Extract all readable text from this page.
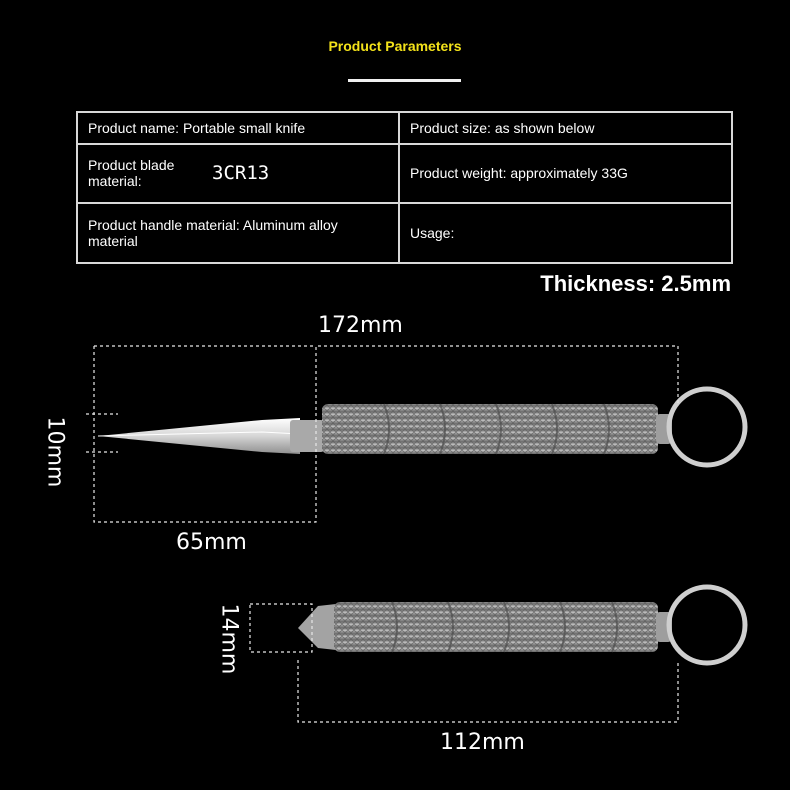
Product Parameters
Product name: Portable small knife	Product size: as shown below

Product blade material: 3CR13	Product weight: approximately 33G
Product handle material: Aluminum alloy material	Usage:
Thickness: 2.5mm
172mm
10mm
65mm
14mm
112mm
